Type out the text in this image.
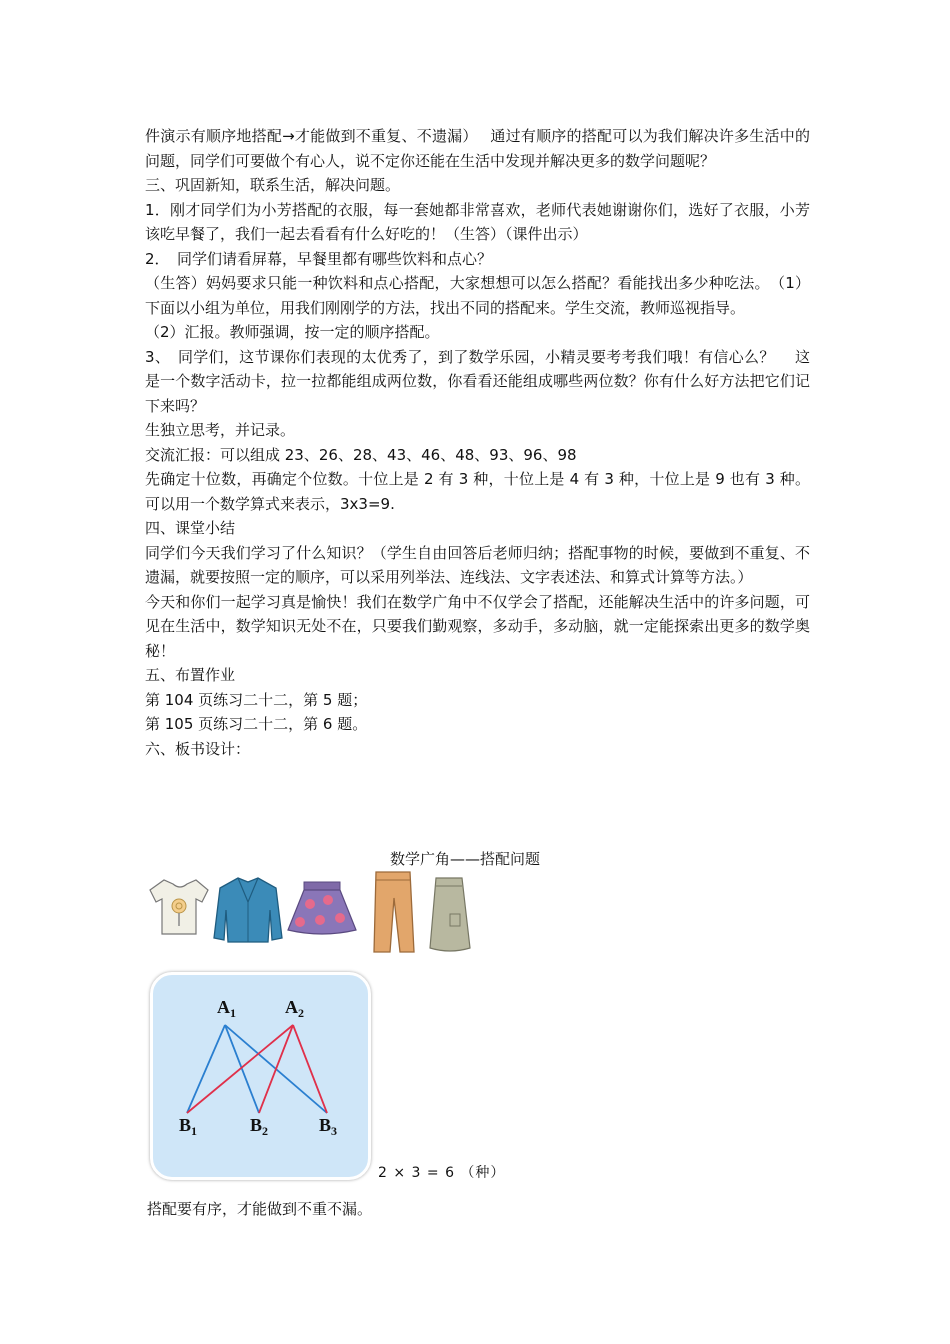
件演示有顺序地搭配→才能做到不重复、不遗漏）　 通过有顺序的搭配可以为我们解决许多生活中的问题，同学们可要做个有心人，说不定你还能在生活中发现并解决更多的数学问题呢？

三、巩固新知，联系生活，解决问题。

1．刚才同学们为小芳搭配的衣服，每一套她都非常喜欢，老师代表她谢谢你们，选好了衣服，小芳该吃早餐了，我们一起去看看有什么好吃的！（生答）（课件出示）

2．　同学们请看屏幕，早餐里都有哪些饮料和点心？

（生答）妈妈要求只能一种饮料和点心搭配，大家想想可以怎么搭配？看能找出多少种吃法。　（1）下面以小组为单位，用我们刚刚学的方法，找出不同的搭配来。学生交流，教师巡视指导。

（2）汇报。教师强调，按一定的顺序搭配。

3、　同学们，这节课你们表现的太优秀了，到了数学乐园，小精灵要考考我们哦！有信心么？　 这是一个数字活动卡，拉一拉都能组成两位数，你看看还能组成哪些两位数？你有什么好方法把它们记下来吗？

生独立思考，并记录。

交流汇报：可以组成 23、26、28、43、46、48、93、96、98

先确定十位数，再确定个位数。十位上是 2 有 3 种，十位上是 4 有 3 种，十位上是 9 也有 3 种。可以用一个数学算式来表示，3x3=9.

四、课堂小结

同学们今天我们学习了什么知识？（学生自由回答后老师归纳；搭配事物的时候，要做到不重复、不遗漏，就要按照一定的顺序，可以采用列举法、连线法、文字表述法、和算式计算等方法。）

今天和你们一起学习真是愉快！我们在数学广角中不仅学会了搭配，还能解决生活中的许多问题，可见在生活中，数学知识无处不在，只要我们勤观察，多动手，多动脑，就一定能探索出更多的数学奥秘！

五、布置作业

第 104 页练习二十二，第 5 题；

第 105 页练习二十二，第 6 题。

六、板书设计：

数学广角——搭配问题
$A_1$	$A_2$
$B_1$	$B_2$	$B_3$
2 × 3 = 6 （种）
搭配要有序，才能做到不重不漏。
